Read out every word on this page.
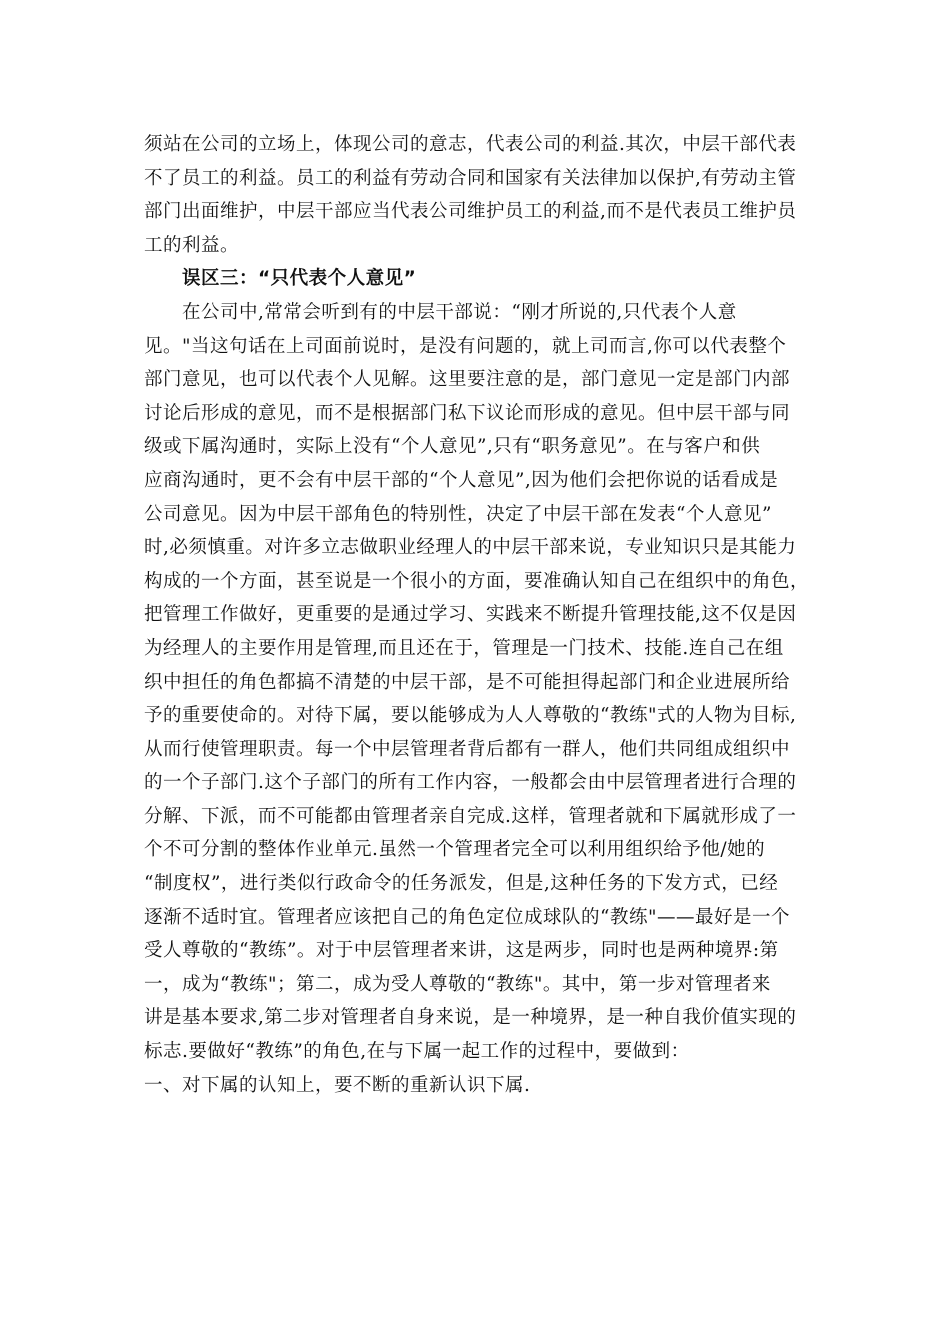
须站在公司的立场上，体现公司的意志，代表公司的利益.其次，中层干部代表
不了员工的利益。员工的利益有劳动合同和国家有关法律加以保护,有劳动主管
部门出面维护，中层干部应当代表公司维护员工的利益,而不是代表员工维护员
工的利益。
误区三：“只代表个人意见”
在公司中,常常会听到有的中层干部说：“刚才所说的,只代表个人意
见。"当这句话在上司面前说时，是没有问题的，就上司而言,你可以代表整个
部门意见，也可以代表个人见解。这里要注意的是，部门意见一定是部门内部
讨论后形成的意见，而不是根据部门私下议论而形成的意见。但中层干部与同
级或下属沟通时，实际上没有“个人意见”,只有“职务意见”。在与客户和供
应商沟通时，更不会有中层干部的“个人意见”,因为他们会把你说的话看成是
公司意见。因为中层干部角色的特别性，决定了中层干部在发表“个人意见”
时,必须慎重。对许多立志做职业经理人的中层干部来说，专业知识只是其能力
构成的一个方面，甚至说是一个很小的方面，要准确认知自己在组织中的角色，
把管理工作做好，更重要的是通过学习、实践来不断提升管理技能,这不仅是因
为经理人的主要作用是管理,而且还在于，管理是一门技术、技能.连自己在组
织中担任的角色都搞不清楚的中层干部，是不可能担得起部门和企业进展所给
予的重要使命的。对待下属，要以能够成为人人尊敬的“教练"式的人物为目标,
从而行使管理职责。每一个中层管理者背后都有一群人，他们共同组成组织中
的一个子部门.这个子部门的所有工作内容，一般都会由中层管理者进行合理的
分解、下派，而不可能都由管理者亲自完成.这样，管理者就和下属就形成了一
个不可分割的整体作业单元.虽然一个管理者完全可以利用组织给予他/她的
“制度权”，进行类似行政命令的任务派发，但是,这种任务的下发方式，已经
逐渐不适时宜。管理者应该把自己的角色定位成球队的“教练"——最好是一个
受人尊敬的“教练”。对于中层管理者来讲，这是两步，同时也是两种境界:第
一，成为“教练"；第二，成为受人尊敬的“教练"。其中，第一步对管理者来
讲是基本要求,第二步对管理者自身来说，是一种境界，是一种自我价值实现的
标志.要做好“教练”的角色,在与下属一起工作的过程中，要做到：
一、对下属的认知上，要不断的重新认识下属.
